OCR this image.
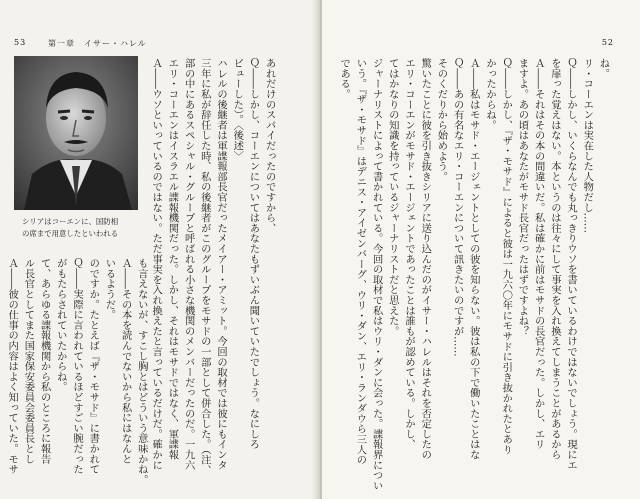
53	第一章　イサー・ハレル
シリアはコーエンに、国防相
の席まで用意したといわれる

あれだけのスパイだったのですから、

Ｑ――しかし、コーエンについてはあなたもずいぶん聞いていたでしょう。なにしろ

ビューした）。〈後述〉

ハレルの後継者は軍諜報部長官だったメイアー・アミット。今回の取材では彼にもインタ

三年に私が辞任した時、私の後継者がこのグループをモサドの一部として併合した。（注、

部の中にあるスペシャル・グループと呼ばれる小さな機関のメンバーだったのだ。一九六

エリ・コーエンはイスラエル諜報機関だった。しかし、それはモサドではなく、軍諜報

Ａ――ウソといっているのではない。ただ事実を入れ換えたと言っているだけだ。確かに

も言えないが、すこし胸とはどういう意味かね。

Ａ――その本を読んでないから私にはなんと

いるようだ。

のですか。たとえば『ザ・モサド』に書かれて

Ｑ――実際に言われているほどすごい腕だった

がもたらされていたからね。

て、あらゆる諜報機関から私のところに報告

ル長官としてまた国家保安委員会委員長とし

Ａ――彼の仕事の内容はよく知っていた。モサ

52

ね。

リ・コーエンは実在した人物だし……

Ｑ――しかし、いくらなんでも丸っきりウソを書いているわけではないでしょう。現にエ

を扉った覚えはない。本というのは往々にして事実を入れ換えてしまうことがあるから

Ａ――それはその本の間違いだ。私は確かに前はモサドの長官だった。しかし、エリ

ますよ。あの頃はあなたがモサド長官だったはずですよね？

Ｑ――しかし、『ザ・モサド』によると彼は一九六〇年にモサドに引き抜かれたとあり

かったからね。

Ａ――私はモサド・エージェントとしての彼を知らない。彼は私の下で働いたことはな

Ｑ――あの有名なエリ・コーエンについて訊きたいのですが……

そのくだりから始めよう。

驚いたことに彼を引き抜きシリアに送り込んだのがイサー・ハレルはそれを否定したの

エリ・コーエンがモサド・エージェントであったことは誰もが認めている。しかし、

てはかなりの知識を持っているジャーナリストだと思えた。

ジャーナリストによって書かれている。今回の取材で私はウリ・ダンに会った。諜報界につい

いう。『ザ・モサド』はデニス・アイゼンバーグ、ウリ・ダン、エリ・ランダウら三人の

である。
